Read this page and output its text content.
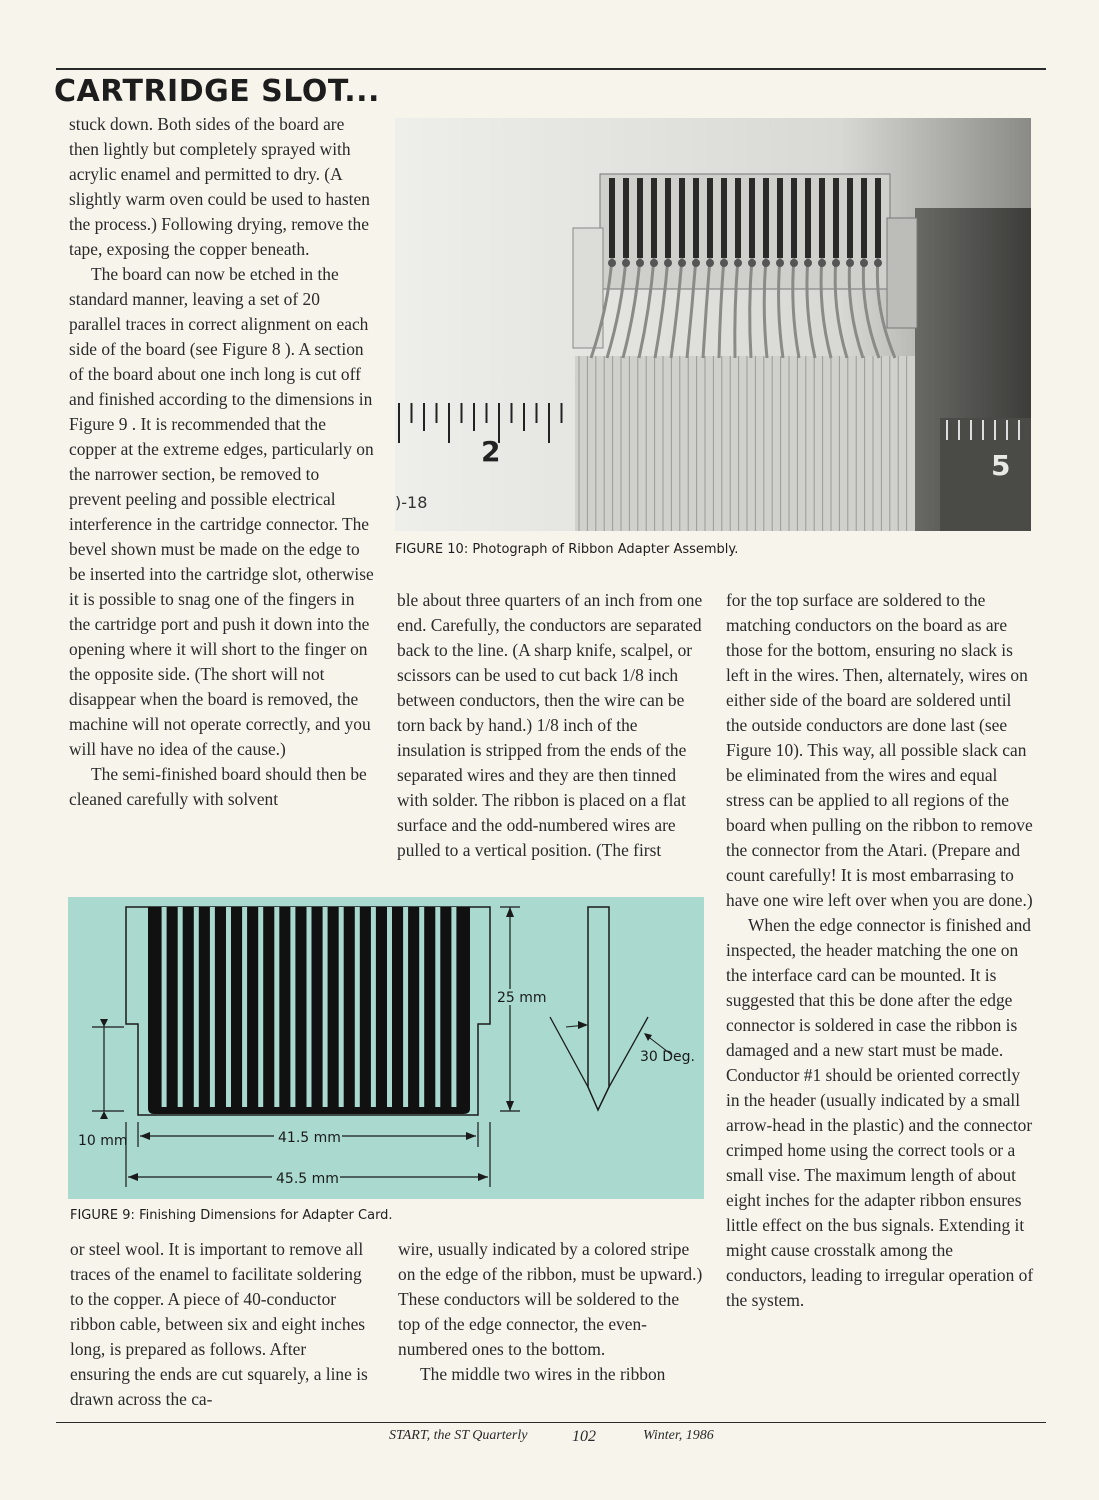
CARTRIDGE SLOT...

stuck down. Both sides of the board are then lightly but completely sprayed with acrylic enamel and permitted to dry. (A slightly warm oven could be used to hasten the process.) Following drying, remove the tape, exposing the copper beneath.

The board can now be etched in the standard manner, leaving a set of 20 parallel traces in correct alignment on each side of the board (see Figure 8 ). A section of the board about one inch long is cut off and finished according to the dimensions in Figure 9 . It is recommended that the copper at the extreme edges, particularly on the narrower section, be removed to prevent peeling and possible electrical interference in the cartridge connector. The bevel shown must be made on the edge to be inserted into the cartridge slot, otherwise it is possible to snag one of the fingers in the cartridge port and push it down into the opening where it will short to the finger on the opposite side. (The short will not disappear when the board is removed, the machine will not operate correctly, and you will have no idea of the cause.)

The semi-finished board should then be cleaned carefully with solvent

2
)-18
5
FIGURE 10: Photograph of Ribbon Adapter Assembly.

ble about three quarters of an inch from one end. Carefully, the conductors are separated back to the line. (A sharp knife, scalpel, or scissors can be used to cut back 1/8 inch between conductors, then the wire can be torn back by hand.) 1/8 inch of the insulation is stripped from the ends of the separated wires and they are then tinned with solder. The ribbon is placed on a flat surface and the odd-numbered wires are pulled to a vertical position. (The first

for the top surface are soldered to the matching conductors on the board as are those for the bottom, ensuring no slack is left in the wires. Then, alternately, wires on either side of the board are soldered until the outside conductors are done last (see Figure 10). This way, all possible slack can be eliminated from the wires and equal stress can be applied to all regions of the board when pulling on the ribbon to remove the connector from the Atari. (Prepare and count carefully! It is most embarrasing to have one wire left over when you are done.)

When the edge connector is finished and inspected, the header matching the one on the interface card can be mounted. It is suggested that this be done after the edge connector is soldered in case the ribbon is damaged and a new start must be made. Conductor #1 should be oriented correctly in the header (usually indicated by a small arrow-head in the plastic) and the connector crimped home using the correct tools or a small vise. The maximum length of about eight inches for the adapter ribbon ensures little effect on the bus signals. Extending it might cause crosstalk among the conductors, leading to irregular operation of the system.

25 mm
10 mm	41.5 mm
45.5 mm
30 Deg.
FIGURE 9: Finishing Dimensions for Adapter Card.

or steel wool. It is important to remove all traces of the enamel to facilitate soldering to the copper. A piece of 40-conductor ribbon cable, between six and eight inches long, is prepared as follows. After ensuring the ends are cut squarely, a line is drawn across the ca-

wire, usually indicated by a colored stripe on the edge of the ribbon, must be upward.) These conductors will be soldered to the top of the edge connector, the even-numbered ones to the bottom.

The middle two wires in the ribbon

START, the ST Quarterly	102	Winter, 1986
